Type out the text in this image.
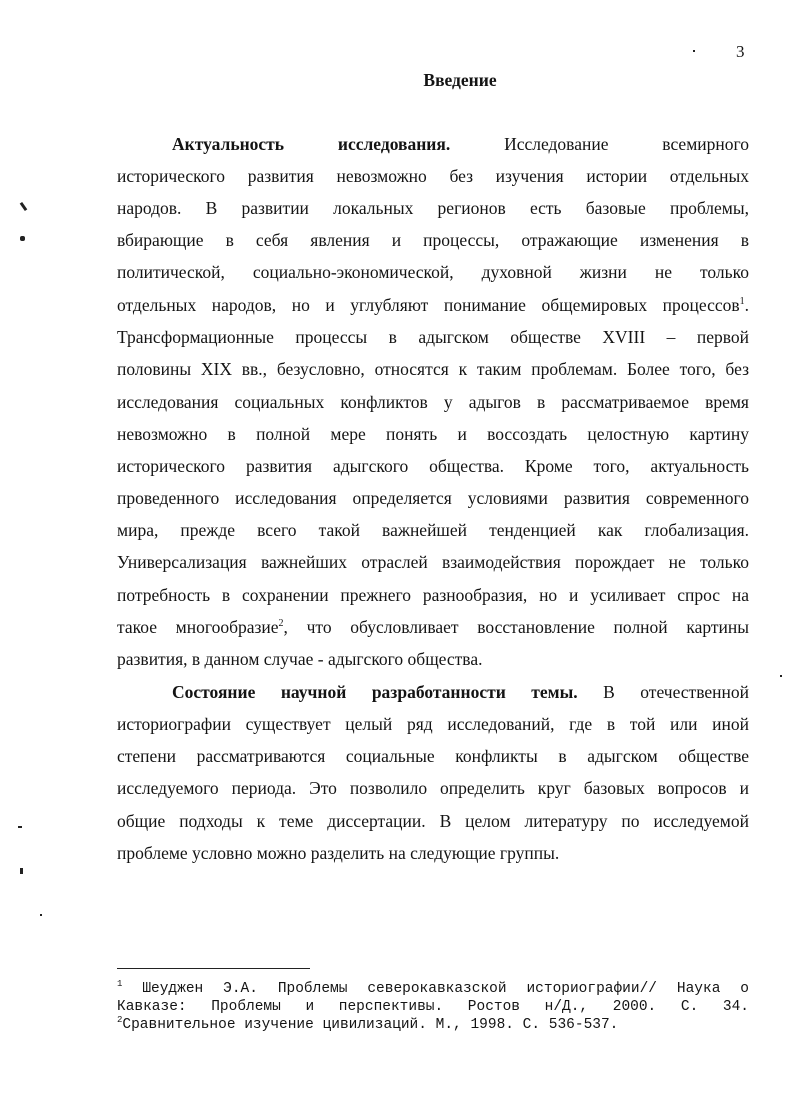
3
Введение
Актуальность	исследования.	Исследование всемирного
исторического развития невозможно без изучения истории отдельных
народов. В развитии локальных регионов есть базовые проблемы,
вбирающие в себя явления и процессы, отражающие изменения в
политической, социально-экономической, духовной жизни не только
отдельных народов, но и углубляют понимание общемировых процессов$^1$.
Трансформационные процессы в адыгском обществе XVIII – первой
половины XIX вв., безусловно, относятся к таким проблемам. Более того, без
исследования социальных конфликтов у адыгов в рассматриваемое время
невозможно в полной мере понять и воссоздать целостную картину
исторического развития адыгского общества. Кроме того, актуальность
проведенного исследования определяется условиями развития современного
мира, прежде всего такой важнейшей тенденцией как глобализация.
Универсализация важнейших отраслей взаимодействия порождает не только
потребность в сохранении прежнего разнообразия, но и усиливает спрос на
такое многообразие$^2$, что обусловливает восстановление полной картины
развития, в данном случае - адыгского общества.
Состояние научной разработанности темы. В отечественной
историографии существует целый ряд исследований, где в той или иной
степени рассматриваются социальные конфликты в адыгском обществе
исследуемого периода. Это позволило определить круг базовых вопросов и
общие подходы к теме диссертации. В целом литературу по исследуемой
проблеме условно можно разделить на следующие группы.
$^1$ Шеуджен Э.А. Проблемы северокавказской историографии// Наука о
Кавказе: Проблемы и перспективы. Ростов н/Д., 2000. С. 34.
$^2$Сравнительное изучение цивилизаций. М., 1998. С. 536-537.
